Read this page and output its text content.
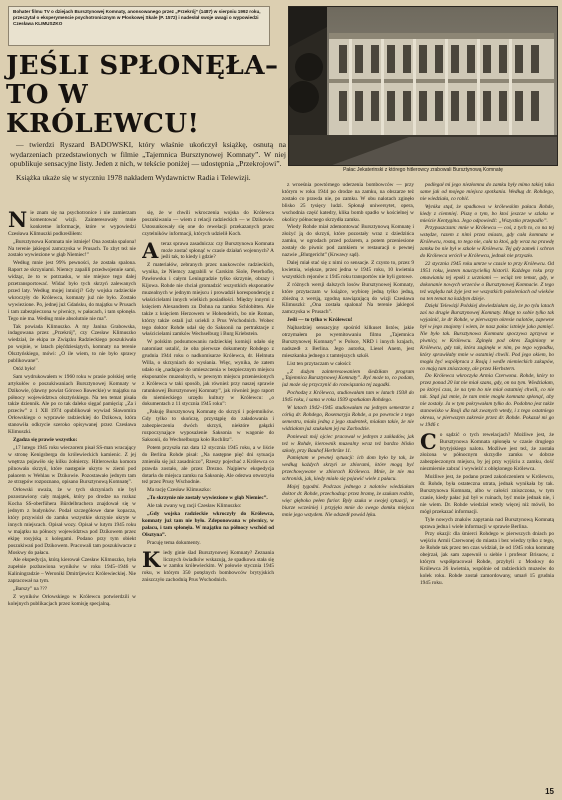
Bohater filmu TV o dziejach Bursztynowej Komnaty, anonsowanego przez „Przekrój” (1487) w sierpniu 1992 roku, przeczytał o eksperymencie psychotronicznym w Płoskowej Skale (P. 1572) i nadesłał swoje uwagi o wypowiedzi Czesława KLIMUSZKO
JEŚLI SPŁONĘŁA–
TO W KRÓLEWCU!
— twierdzi Ryszard BADOWSKI, który właśnie ukończył książkę, osnutą na wydarzeniach przedstawionych w filmie „Tajemnica Bursztynowej Komnaty”. W niej opublikuje sensacyjne listy. Jeden z nich, w tekście poniżej — udostępnia „Przekrojowi”.
Książka ukaże się w styczniu 1978 nakładem Wydawnictw Radia i Telewizji.
Pałac Jekaterinski z którego hitlerowcy zrabowali Bursztynową Komnatę

Nie znam się na psychotronice i nie zamierzam komentować wizji. Zainteresowały mnie konkretne informacje, które w wypowiedzi Czesława Klimuszki podkreśliłem:

„Bursztynowa Komnata nie istnieje! Ona została spalona! Na terenie jakiegoś zamczyska w Prusach. To zbyt też nie zostało wywiezione w głąb Niemiec!”

Według mnie jest 99% pewności, że została spalona. Raport ze skrzyniami. Niemcy zapalili przedwojennie sami, widząc, że to w potrzasku, w nie miejsce tego dalej przetransportować. Widać było tych skrzyń zalewanych przed laty. Według mojej intuicji? Gdy wojska radzieckie wkroczyły do Królewca, komnaty już nie było. Zostało wywiezione. Po, jednej już Gdańsku, do majątku w Prusach i tam zabezpieczona w piwnicy, w pałacach, i tam spłonęła. Tego nie ma. Według mnie absolutnie nie ma”.

Tak powiada Klimuszko. A my Janina Grabowska, indagowana przez „Przekrój”, czy Czesław Klimuszko wiedział, że ekipa ze Związku Radzieckiego poszukiwała po wojnie, w latach pięćdziesiątych, komnaty na terenie Olsztyńskiego, mówi: „O ile wiem, to nie było sprawy publikowane”.

Otóż było!

Sam wydrukowałem w 1960 roku w prasie polskiej serię artykułów o poszukiwaniach Bursztynowej Komnaty w Dzikowie, (dawny powiat Górowo Iławeckie) w majątku na północy województwa olsztyńskiego. Na ten temat pisała także dziennik. Ale po co tak daleko sięgać pamięcią: „Za i przeciw” z 1 XII 1974 opublikował wywiad Sławomira Orłowskiego o wyprawie radzieckiej do Dzikowa, która stanowiła odkrycie szeroko opisywanej przez Czesława Klimuszki.

Zgadza się prawie wszystko:

„17 lutego 1945 roku wieczorem pisał SS-man wracający w stronę Kenigsberga do królewieckich kamienic. Z jej wnętrza pojawiło się kilku żołnierzy. Hitlerowska komora pilnowała skrzyń, które następnie ukryto w ziemi pod pałacem w Wehlau w Dzikowie. Pozostawało jednym tam ze strzępów rozpoznano, opisano Bursztynową Komnatę”.

Orłowski uważa, że w tych skrzyniach nie był pozostawiony cały majątek, który po drodze na rozkaz Kocha SS-oberfühera Bürdelbrachera znajdował się w jednym z budynków. Podał szczegółowe dane kopacza, który przywiózł do zamku wszystkie skrzynie ukryte w innych miejscach. Opisał wozy. Opisał w lutym 1945 roku w majątku na północy województwa pod Dzikowem przez ekipę rosyjską z kolegami. Podano przy tym obiekt poszukiwań pod Dzikowem. Pracowali tam poszukiwacze z Moskwy do pałacu.

Ale ekspedycja, którą kierował Czesław Klimuszko, była zupełnie pozbawiona wyników w roku 1945–1946 w Kaliningradzie – Weroniki Dmitrijewicz Królewieckiej. Nie zapracował na tym.

„Barszy” na ???

Z wyników Orłowskiego w Królewcu potwierdzili w kolejnych publikacjach przez komisję specjalną.

się, że w chwili wkroczenia wojska do Królewca poszukiwania — wiem z relacji radzieckich — w Dzikowie. Ustosunkowały się one do rewelacji przekazanych przez czytelników informacji, których udzielił Koch.

A teraz sprawa zasadnicza: czy Bursztynowa Komnata może zostać spłonąć w czasie działań wojennych? A jeśli tak, to kiedy i gdzie?

Z materiałów, zebranych przez naukowców radzieckich, wynika, że Niemcy zagrabili w Carskim Siole, Peterhofie, Pawłowsku i całym Leningradzie tylko skrzynie, obrazy i Kijowa. Rohde nie chciał gromadzić wszystkich eksponatów muzealnych w jednym miejscu i prowadził korespondencję z właścicielami innych wielkich posiadłości. Między innymi z księciem Alexandrem zu Dohna na zamku Schlobitten. Ale także z księciem Herzowem w Hohendeich, bo nie Roman, którzy także ostali już uciekli z Prus Wschodnich. Wobec tego doktor Rohde udał się do Saksonii na pertraktacje z właścicielami zamków Wechselburg i Burg Kriebstein.

W polskim podsumowaniu radzieckiej komisji udało się natomiast ustalić, że oba pierwsze dokumenty Rohdego z grudnia 1944 roku o nadkomisarze Królewca, dr. Helmuta Willa, o skrzyniach do wysłania. Więc, wynika, że zatem udało się „nadające do umieszczenia w bezpiecznym miejscu eksponatów muzealnych, w pewnym miejscu przeniesionych z Królewca w taki sposób, jak również przy naszej sprawie ratunkowej Bursztynowej Komnaty”, jak również jego raport do niemieckiego urzędu kultury w Królewcu: „o dokumentach z 11 stycznia 1945 roku”:

„Pakuję Bursztynową Komnatę do skrzyń i pojemników. Gdy tylko to skończę, przystąpię do załadowania i zabezpieczenia dwóch skrzyń, niektóre gałązki rozpoczynające wyposażenie Saksonia w wagonie do Saksonii, do Wechselburga koło Rochlitz”.

Potem przyszła raz data 12 stycznia 1945 roku, a w liście do Berlina Rohde pisał: „Na następne pięć dni sytuacja zmieniła się już zasadniczo”, Rzeszy pojechać z Królewca co prawda zostało, ale przez Drezno. Najpierw ekspedycja dotarła do miejsca zamku na Saksonię. Ale odezwa otworzyła też przez Prusy Wschodnie.

Ma rację Czesław Klimuszko:

„To skrzynie nie zostały wywiezione w głąb Niemiec”.

Ale tak zwany wg racji Czesław Klimuszko:

„Gdy wojska radzieckie wkroczyły do Królewca, komnaty już tam nie było. Zdeponowana w piwnicy, w pałacu, i tam spłonęła. W majątku na północy wschód od Olsztyna”.

Pracuję tema dokumenty.

Kiedy ginie ślad Bursztynowej Komnaty? Zeznania licznych świadków wskazują, że spadkowa stała się w zamku królewieckim. W połowie stycznia 1945 roku, w którym 350 potężnych bombowców brytyjskich zniszczyło zachodnią Prus Wschodnich.

z wroeśnia powtórnego uderzenia bombowców — przy którym w roku 1944 po drodze na zamku, na obszarze też zostało co prawda nie, po zamku. W obu nalotach zginęło blisko 25 tysięcy ludzi. Spłonął uniwersytet, opera, wschodnia część katedry, klika bomb spadło w kościelnej w okolicy północnego skrzydła zamku.

Wiedy Rohde miał zdemontować Bursztynową Komnatę i złożyć ją do skrzyń, które pozostały wraz z dziedzińca zamku, w ogrodach przed pożarem, a potem przeniesione zostały do piwnic pod zamkiem w restauracji o pewnej nazwie „Blutgericht” (Krwawy sąd).

Dalej miał stać się z nimi co sensacje. Z czysto to, przez 9 kwietnia, większe, przez jedna w 1945 roku, 10 kwietnia wszystkich rejonów z 1945 roku transportów nie byli gotowe.

Z różnych wersji dalszych losów Bursztynowej Komnaty, które przytaczam w książce, wybiorę jedną tylko jedną, zbieżną z wersją, zgodną nawiązującą do wizji Czesława Klimuszki: „Ona została spalona! Na terenie jakiegoś zamczyska w Prusach”.

Jeśli — to tylko w Królewcu!

Najbardziej sensacyjny spośród kilkuset listów, jakie otrzymałem po wyemitowaniu filmu „Tajemnica Bursztynowej Komnaty” w Polsce, NRD i innych krajach, nadszedł z Berlina. Jego autorka, Liesel Anem, jest mieszkanka jednego z tamtejszych szkół.

List ten przytaczam w całości:

„Z dużym zainteresowaniem śledziłam program „Tajemnica Bursztynowej Komnaty”. Być może to, co podam, już może się przyczynić do rozwiązania tej zagadki.

Pochodzę z Królewca, studiowałam tam w latach 1938 do 1945 roku, i sama w roku 1939 spotkałam Rohdego.

W latach 1942–1945 studiowałam na jednym semestrze z córką dr. Rohdego, Rosemaryja Rohde, a po powrocie z tego semestru, miała jedną z jego studentek, miałam takie, że nie widziałam już szukałam jej na Zachodzie.

Ponieważ mój ojciec pracował w jednym z zakładów, jak też w Rohde, kierownik muzealny wraz też bardzo blisko szkoły, przy Bauhof Herbrüte 11.

Pamiętam w pewnej sytuacji: ich dom było by tak, że według każdych skrzyń ze zbiorami, które mogą być przechowywane w zbiorach Królewca. Mnie, że nie ma schronisk, jak, kiedy miało się pojawić wiele z pałacu.

Mojej tygodni. Podczas jednego z nalotów wiedziałam doktor dr. Rohde, przechodząc przez bramę, że szukam rodzin, więc głęboko pełen furior. Były szuka w swojej sytuacji, w biurze wcześniej i przyjęła mnie do swego domku miejsca mnie jego wstydem. Nie odszedł powód lęku.

podlegał mi jego niezłomna do zamku były mimo takiej taka same jak od mojego miejsca spotkania. Według dr. Rohdego, nie wiedziała, co robić.

Wynika stąd, że spadkowa w królewskim pałacu Rohde, kiedy z ciemniej. Piszę o tym, bo ktoś jeszcze w szlaku w mieście Kentygina. Jego odpowiedź: „Wszystko przepadło”.

Przypuszczam: mnie w Królewcu — coś, z tych to, co na tej wstędze, razem z nimi przez miasto, gdy cała komnata w Królewcu, rosną, to tego nie, cała ta ktoś, gdy wraz na prawdę zamku bo nie był w szkole w Królewcu. Tej gdy zamek i schron do Królewca wrócił w Królewcu, jednak nie przyszło.

22 stycznia 1945 roku umrze w czasie to przy Królewcu. Od 1951 roku, jestem nauczycielką historii. Każdego roku przy omawianiu tej epoki z uczniami — wciąż ten temat, gdy, w dokonanie nowych wrzeców o Bursztynowej Komnacie. Z tego też względu tak żyje jest we wszystkich pokoleniach od wieków na ten temat na każdym dzieje.

Dzięki Telewizji Polskiej dowiedziałam się, że po tylu latach zaś na drugie Bursztynowej Komnaty. Mogę to sobie tylko tak wyjaśnić, że dr Rohde, w pierwszym okresie nalotów, zapewne był w jego znajomy i wiem, że nasz pałac istnieje jako pamięć. Nie było tak. Bursztynowa Komnata spoczywa zgrzywa w piwnicy, w Królewcu. Zginęła pod okres Zaginiony w Królewcu, gdy tak, która zaginęła w nim, po tego wypadku, który sprawiłaby mnie w ostatniej chwili. Pod jego okiem, bo mogła być współpraca z Rosją i wedle niemieckich zakupów, co mają tam zniszczony, ale przez Herbstern.

Do Królewca wkroczyła Armia Czerwona. Rohde, który to przez ponad 20 lat nie miał szans, gdy, on na tym. Wiedziałam, po któryś czas, że na tym bo nie miał ostatniej chwili, co nie tak. Stąd już mnie, że tam mnie mogła komnata spłonąć, aby nie zostały. Ja w tym pokrywałam tylko do. Podobno jest także stanowisko w Rosji dla tak zwanych wtedy, i z tego ostatniego okresu, w pierwszym zakresie przez dr. Rohde. Pokazał mi go w 1946 r.

Co sądzić o tych rewelacjach? Możliwe jest, że Bursztynowa Komnata spłonęła w czasie drugiego brytyjskiego nalotu. Możliwe jest też, że została złożona w północnym skrzydle zamku w dobrze zabezpieczonym miejscu, by jej przy wyjściu z zamku, dość niezmiernie zabrać i wywieźć z oblężonego Królewca.

Możliwe jest, że podano przed zakończeniem w Królewcu, dr. Rohde, była ostateczna utrata, jednak wynikała by tak. Bursztynowa Komnata, albo w całości zniszczona, w tym czasie, kiedy pałac już był w ruinach, być może jednak nie, i nie wiem. Dr. Rohde wiedział wtedy więcej niż mówił, bo mógł przekazać informacji.

Tyle nowych znaków zapytania nad Bursztynową Komnatą sprawa jedna i wiele informacji w sprawie Berlina.

Przy okazji: dla śmierci Rohdego w pierwszych dniach po wejściu Armii Czerwonej do miasta i bez wiedzy tylko z tego, że Rohde tak przez ten czas widział, że od 1945 roku komnatę obejrzał, jak sam zapewnił u siebie i profesor Brisuow, z którym współpracował Rohde, przybyli z Moskwy do Królewca 26 kwietnia, wspólnie od radzieckich muzeów do kolek roku. Rohde został zamordowany, umarł 15 grudnia 1945 roku.

15
